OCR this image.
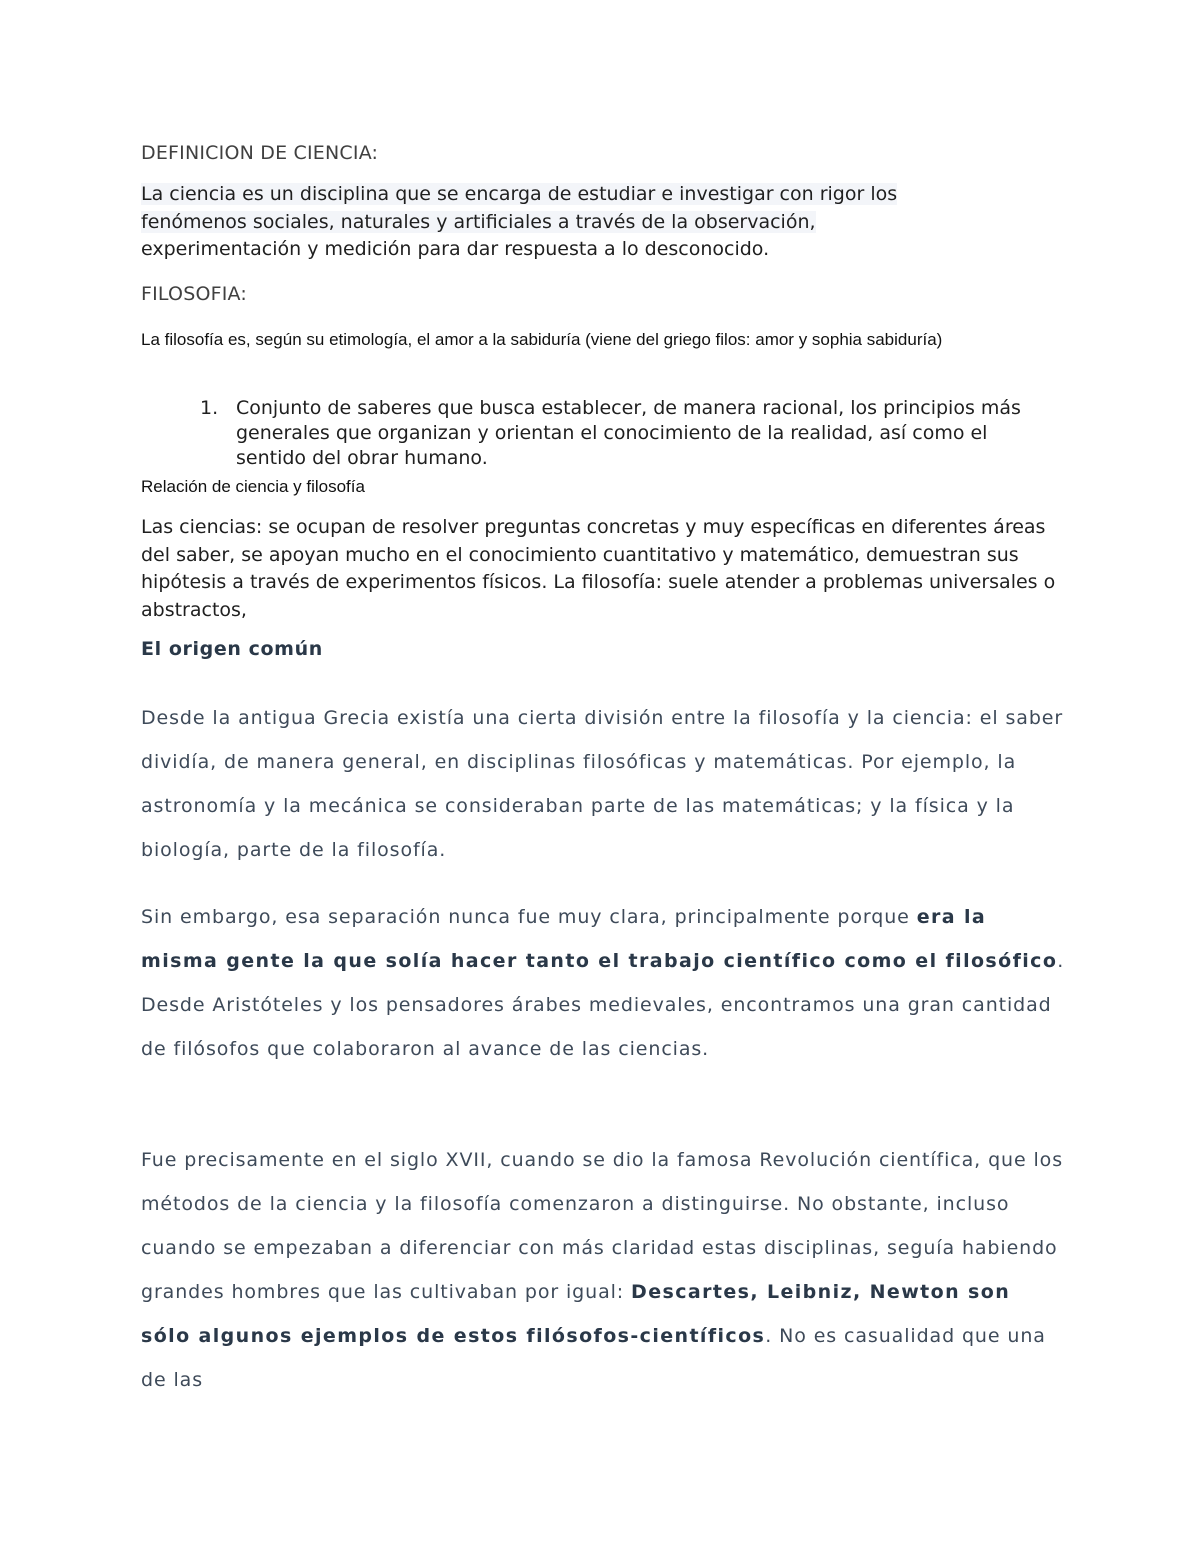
DEFINICION DE CIENCIA:

La ciencia es un disciplina que se encarga de estudiar e investigar con rigor los
fenómenos sociales, naturales y artificiales a través de la observación,
experimentación y medición para dar respuesta a lo desconocido.

FILOSOFIA:

La filosofía es, según su etimología, el amor a la sabiduría (viene del griego filos: amor y sophia sabiduría)

1. Conjunto de saberes que busca establecer, de manera racional, los principios más generales que organizan y orientan el conocimiento de la realidad, así como el sentido del obrar humano.

Relación de ciencia y filosofía

Las ciencias: se ocupan de resolver preguntas concretas y muy específicas en diferentes áreas del saber, se apoyan mucho en el conocimiento cuantitativo y matemático, demuestran sus hipótesis a través de experimentos físicos. La filosofía: suele atender a problemas universales o abstractos,

El origen común

Desde la antigua Grecia existía una cierta división entre la filosofía y la ciencia: el saber dividía, de manera general, en disciplinas filosóficas y matemáticas. Por ejemplo, la astronomía y la mecánica se consideraban parte de las matemáticas; y la física y la biología, parte de la filosofía.

Sin embargo, esa separación nunca fue muy clara, principalmente porque era la misma gente la que solía hacer tanto el trabajo científico como el filosófico. Desde Aristóteles y los pensadores árabes medievales, encontramos una gran cantidad de filósofos que colaboraron al avance de las ciencias.

Fue precisamente en el siglo XVII, cuando se dio la famosa Revolución científica, que los métodos de la ciencia y la filosofía comenzaron a distinguirse. No obstante, incluso cuando se empezaban a diferenciar con más claridad estas disciplinas, seguía habiendo grandes hombres que las cultivaban por igual: Descartes, Leibniz, Newton son sólo algunos ejemplos de estos filósofos-científicos. No es casualidad que una de las
